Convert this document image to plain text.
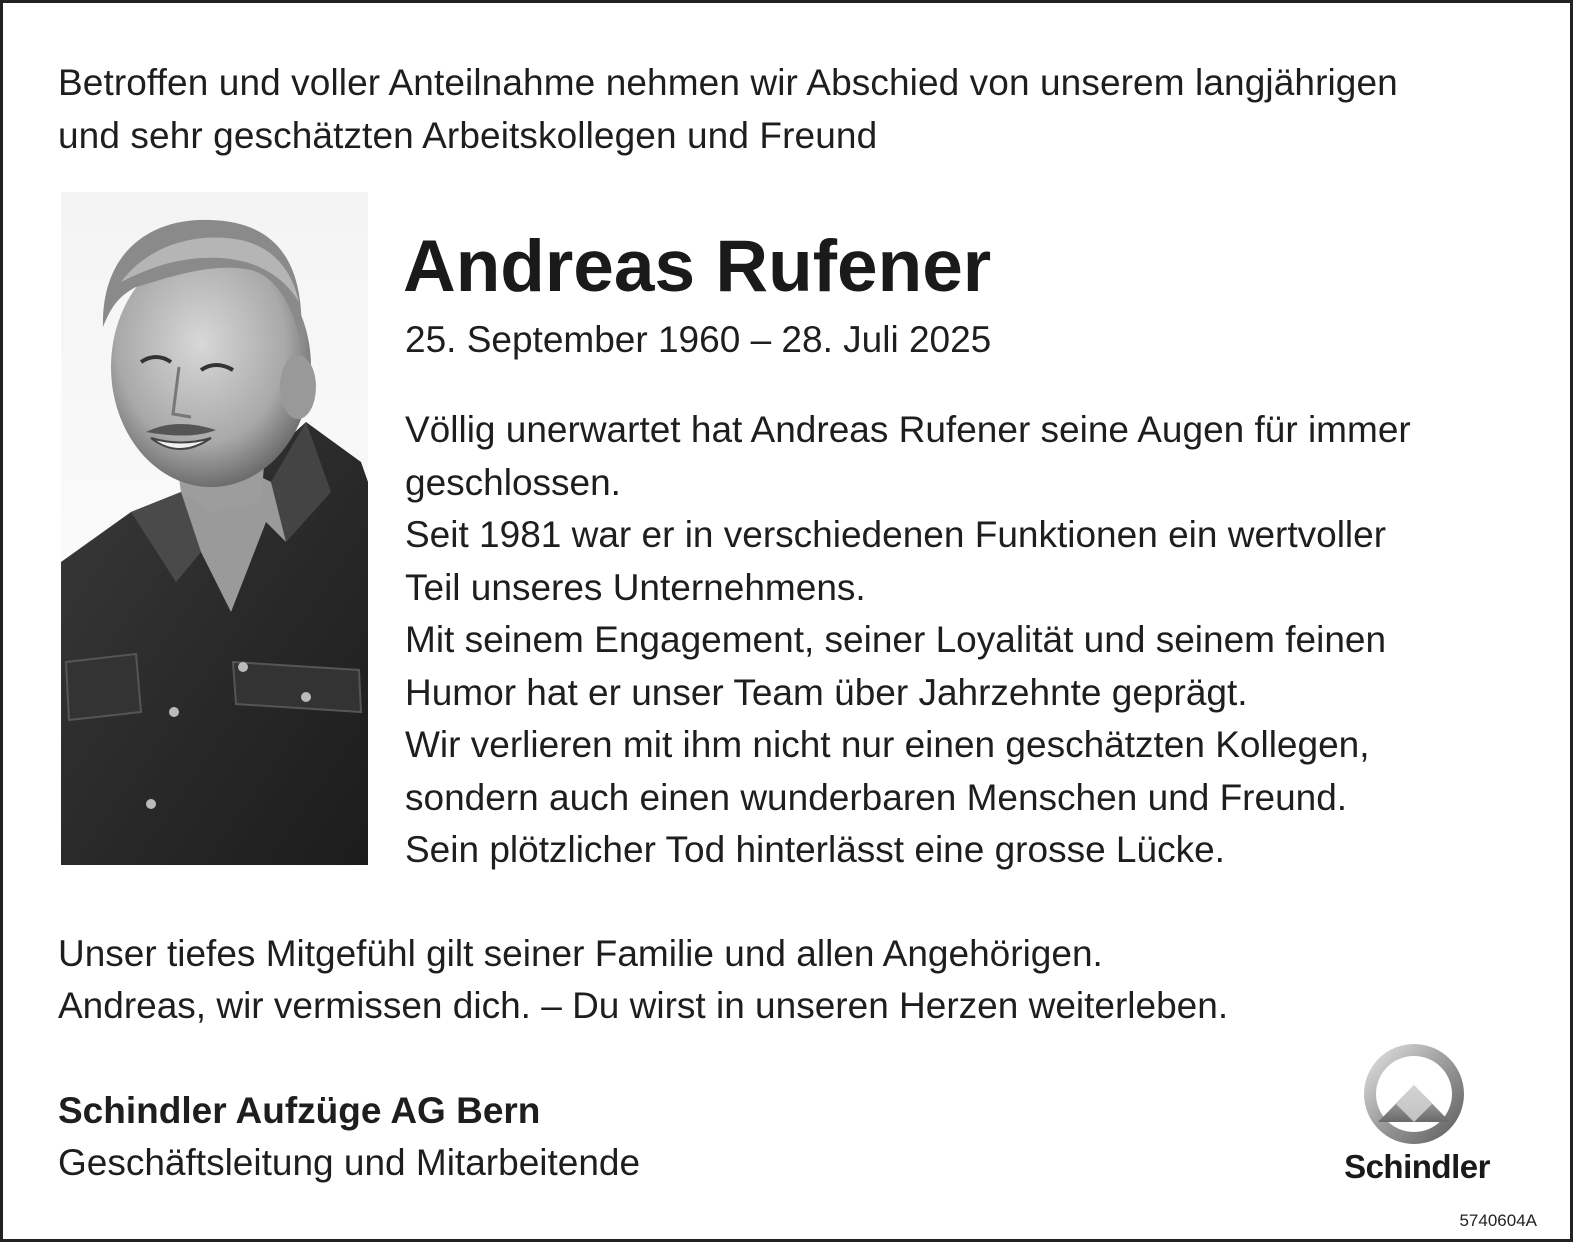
Betroffen und voller Anteilnahme nehmen wir Abschied von unserem langjährigen
und sehr geschätzten Arbeitskollegen und Freund

Andreas Rufener
25. September 1960 – 28. Juli 2025

Völlig unerwartet hat Andreas Rufener seine Augen für immer
geschlossen.
Seit 1981 war er in verschiedenen Funktionen ein wertvoller
Teil unseres Unternehmens.
Mit seinem Engagement, seiner Loyalität und seinem feinen
Humor hat er unser Team über Jahrzehnte geprägt.
Wir verlieren mit ihm nicht nur einen geschätzten Kollegen,
sondern auch einen wunderbaren Menschen und Freund.
Sein plötzlicher Tod hinterlässt eine grosse Lücke.

Unser tiefes Mitgefühl gilt seiner Familie und allen Angehörigen.
Andreas, wir vermissen dich. – Du wirst in unseren Herzen weiterleben.

Schindler Aufzüge AG Bern
Geschäftsleitung und Mitarbeitende	Schindler
5740604A
